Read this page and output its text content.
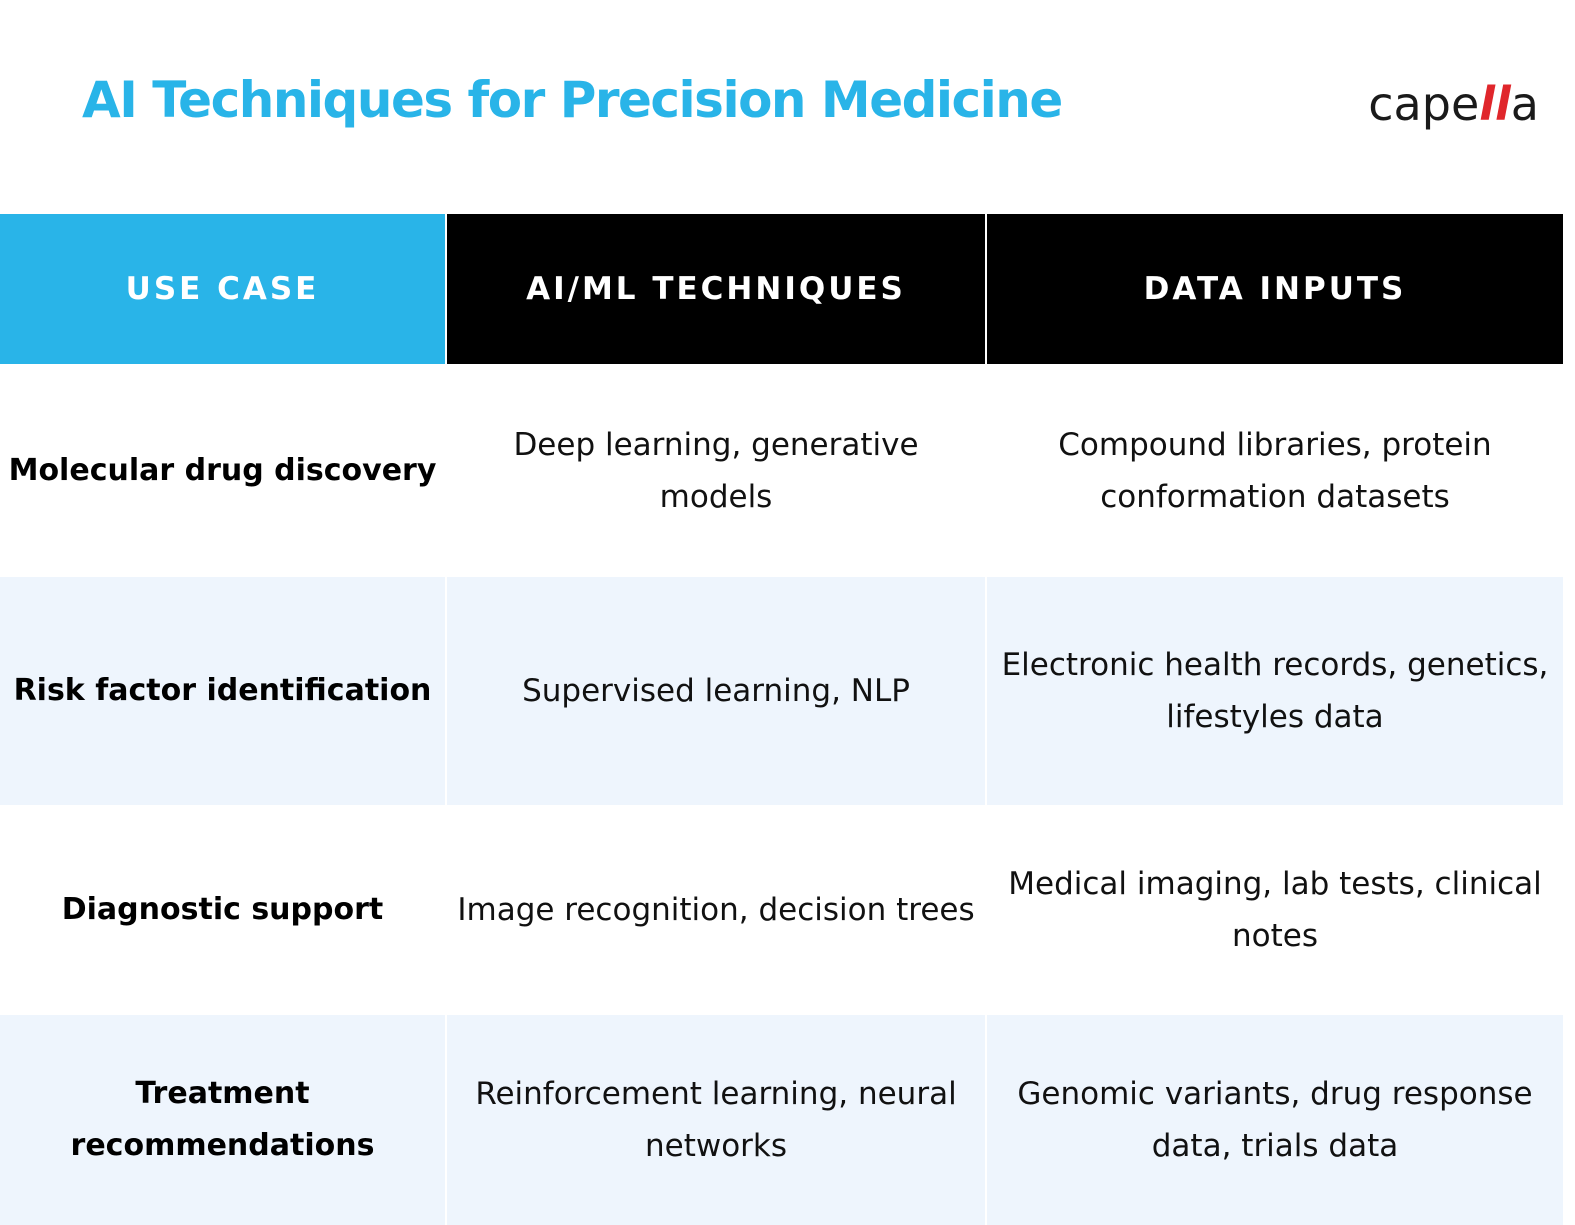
AI Techniques for Precision Medicine	capella
USE CASE	AI/ML TECHNIQUES	DATA INPUTS
Molecular drug discovery	Deep learning, generative models	Compound libraries, protein conformation datasets
Risk factor identification	Supervised learning, NLP	Electronic health records, genetics, lifestyles data
Diagnostic support	Image recognition, decision trees	Medical imaging, lab tests, clinical notes
Treatment recommendations	Reinforcement learning, neural networks	Genomic variants, drug response data, trials data
